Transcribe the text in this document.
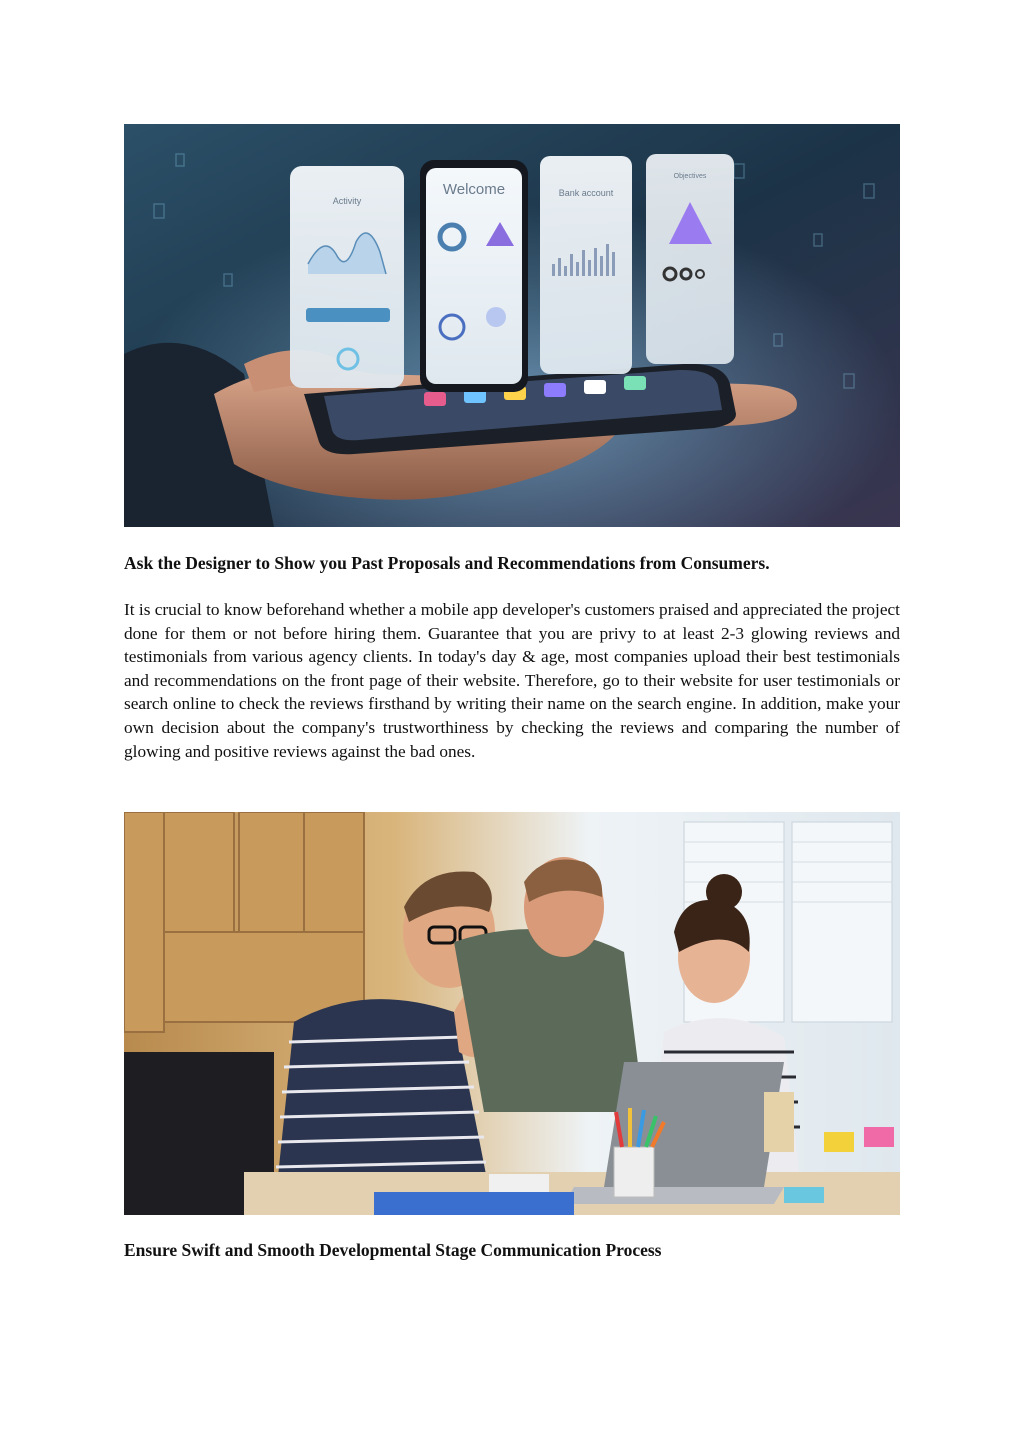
Activity
Welcome	Bank account
Objectives
Ask the Designer to Show you Past Proposals and Recommendations from Consumers.

It is crucial to know beforehand whether a mobile app developer's customers praised and appreciated the project done for them or not before hiring them. Guarantee that you are privy to at least 2-3 glowing reviews and testimonials from various agency clients. In today's day & age, most companies upload their best testimonials and recommendations on the front page of their website. Therefore, go to their website for user testimonials or search online to check the reviews firsthand by writing their name on the search engine. In addition, make your own decision about the company's trustworthiness by checking the reviews and comparing the number of glowing and positive reviews against the bad ones.

Ensure Swift and Smooth Developmental Stage Communication Process
